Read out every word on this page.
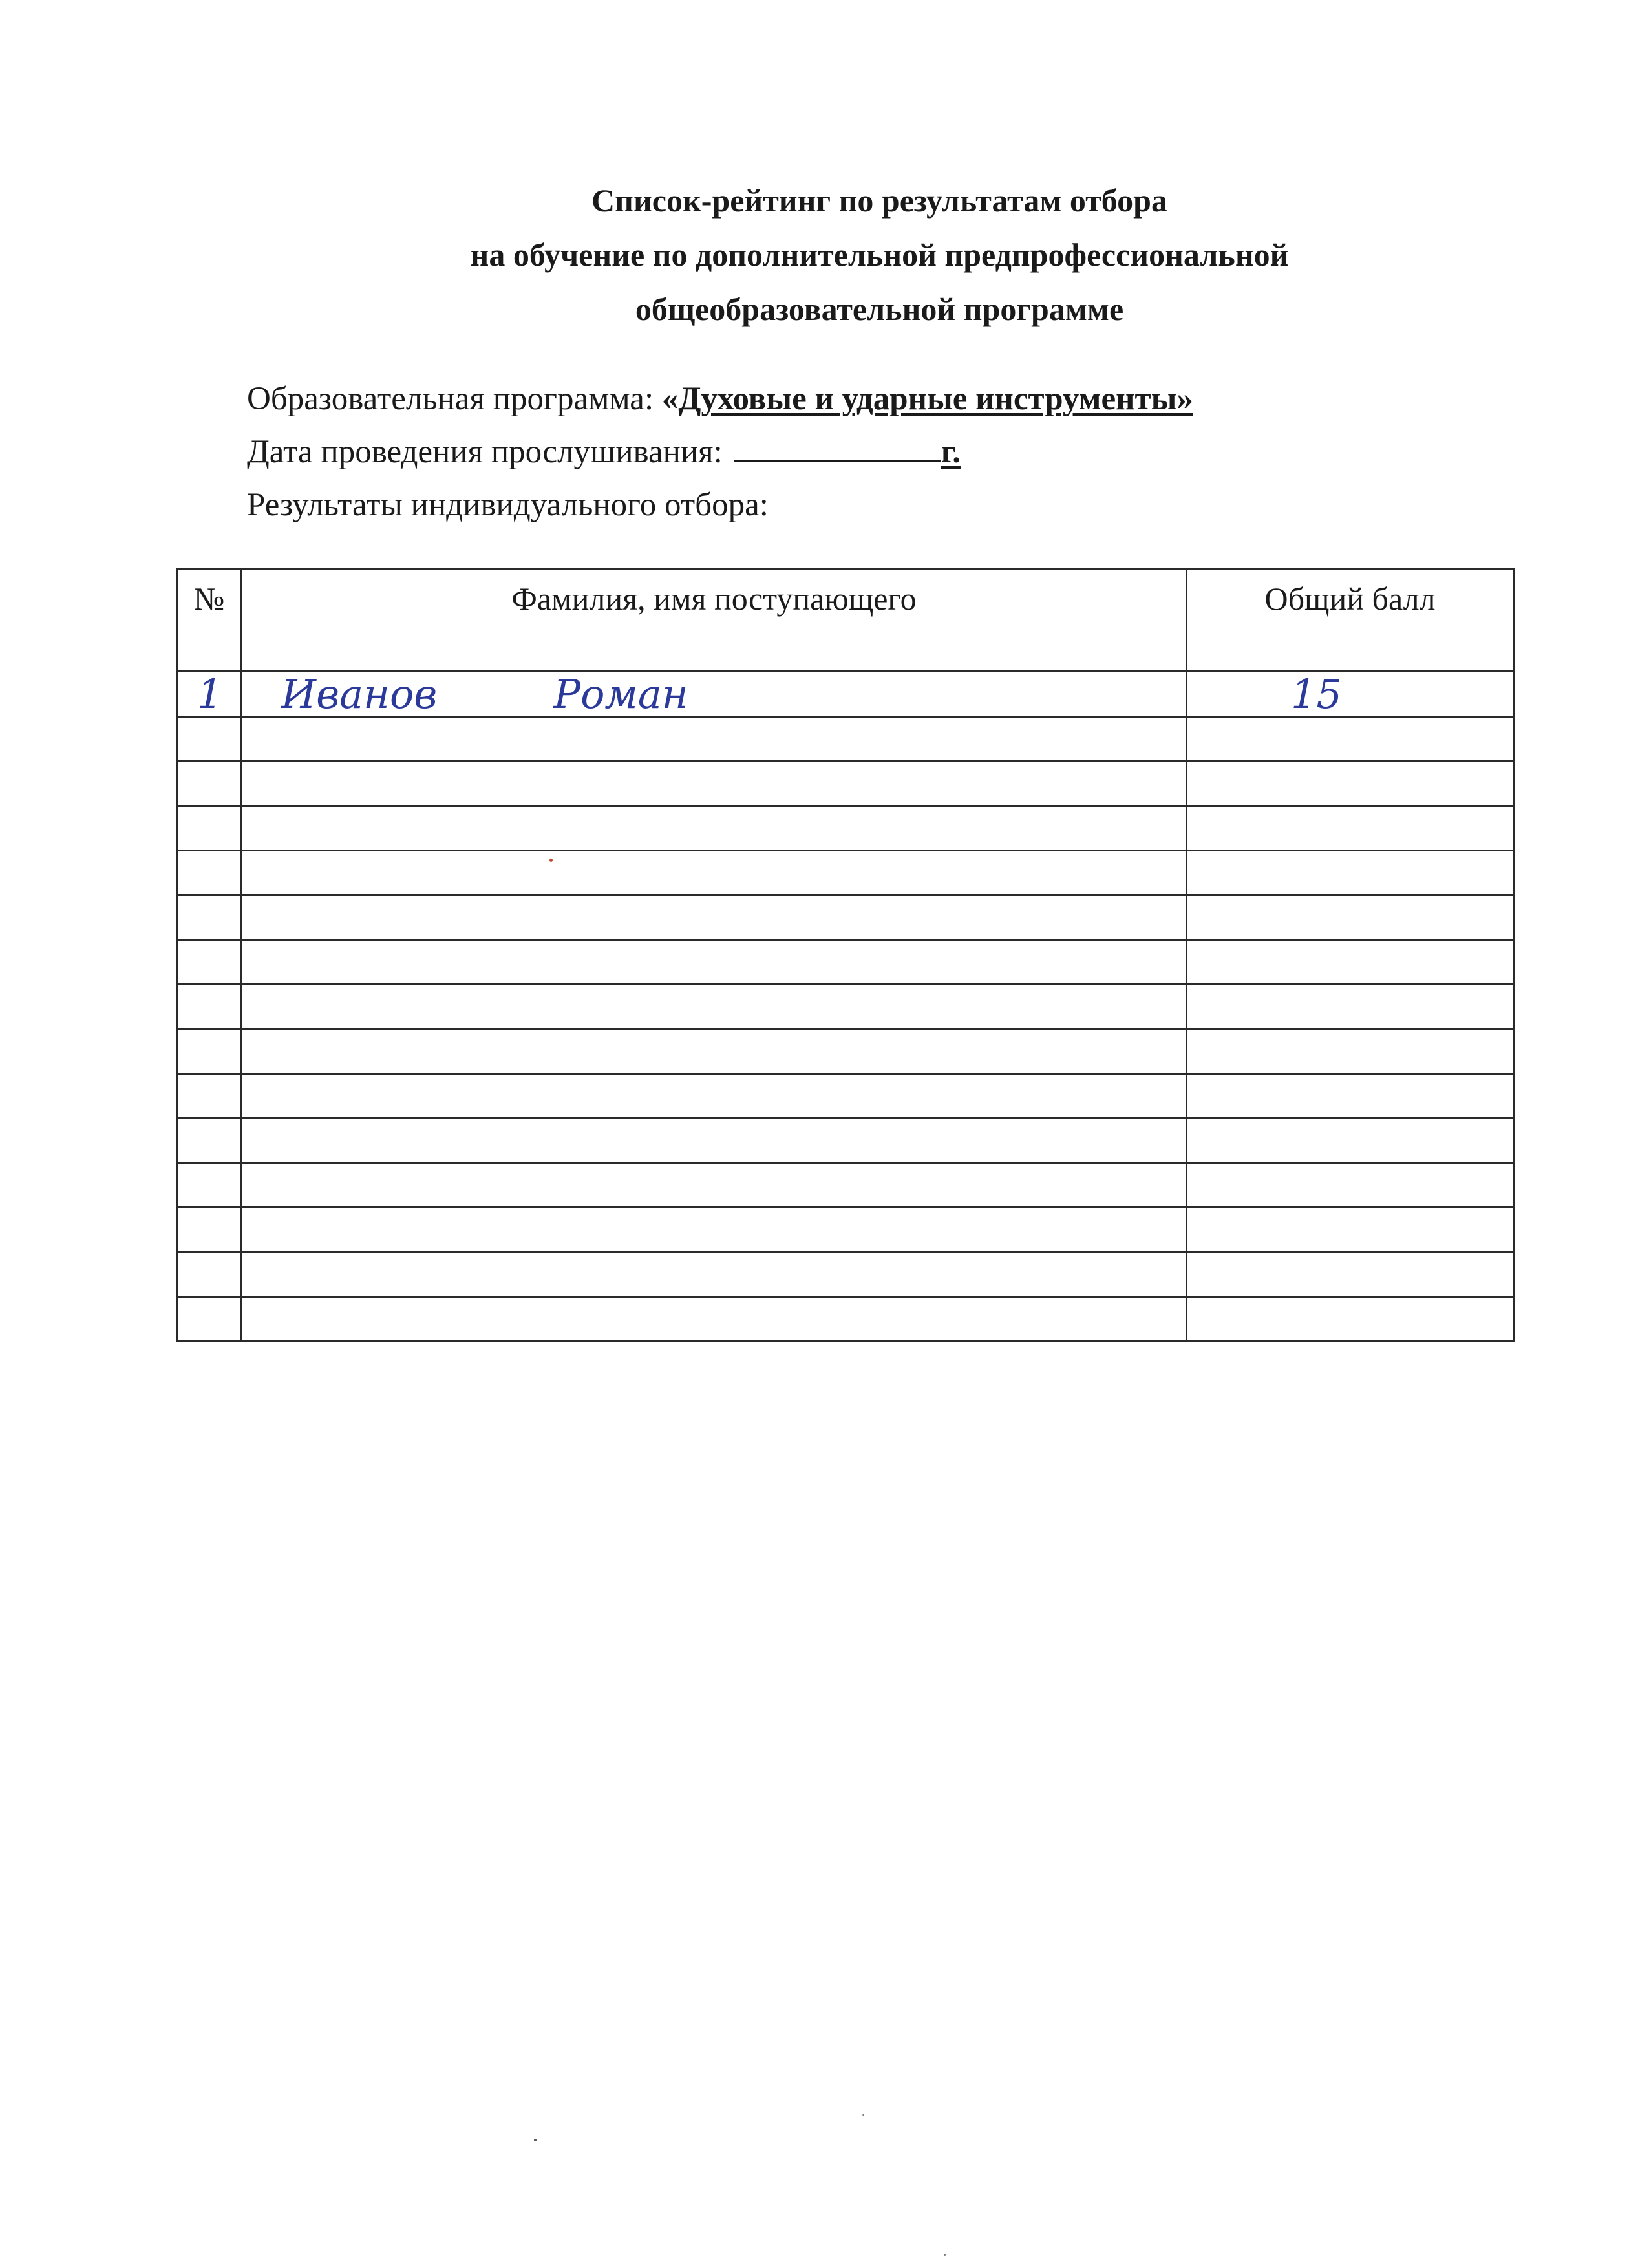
Список-рейтинг по результатам отбора
на обучение по дополнительной предпрофессиональной
общеобразовательной программе
Образовательная программа: «Духовые и ударные инструменты»
Дата проведения прослушивания:	г.
Результаты индивидуального отбора:
№	Фамилия, имя поступающего	Общий балл
1	Иванов Роман	15
